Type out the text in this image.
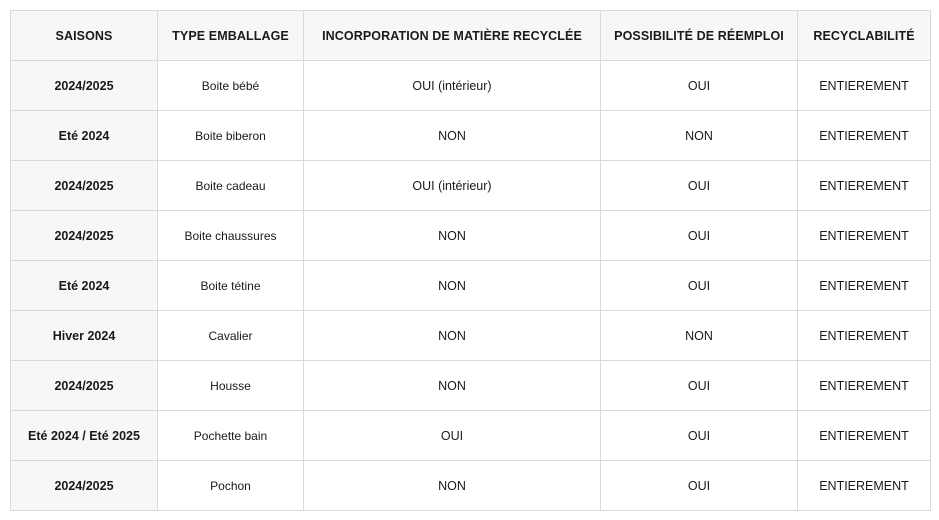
SAISONS	TYPE EMBALLAGE	INCORPORATION DE MATIÈRE RECYCLÉE	POSSIBILITÉ DE RÉEMPLOI	RECYCLABILITÉ
2024/2025	Boite bébé	OUI (intérieur)	OUI	ENTIEREMENT
Eté 2024	Boite biberon	NON	NON	ENTIEREMENT
2024/2025	Boite cadeau	OUI (intérieur)	OUI	ENTIEREMENT
2024/2025	Boite chaussures	NON	OUI	ENTIEREMENT
Eté 2024	Boite tétine	NON	OUI	ENTIEREMENT
Hiver 2024	Cavalier	NON	NON	ENTIEREMENT
2024/2025	Housse	NON	OUI	ENTIEREMENT
Eté 2024 / Eté 2025	Pochette bain	OUI	OUI	ENTIEREMENT
2024/2025	Pochon	NON	OUI	ENTIEREMENT
